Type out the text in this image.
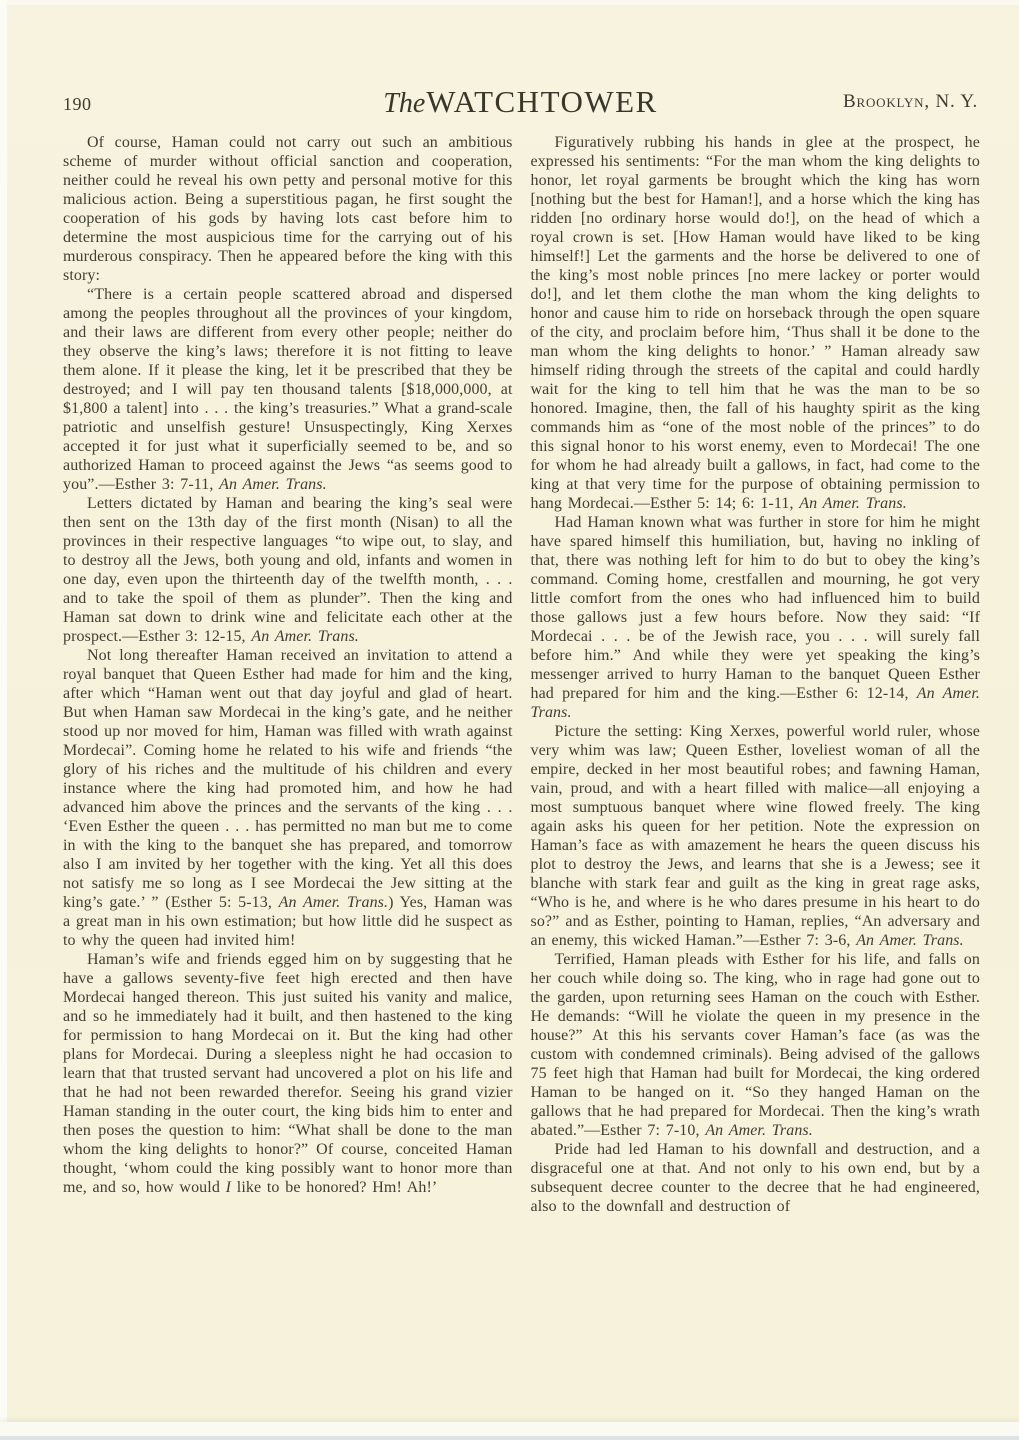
190	TheWATCHTOWER	Brooklyn, N. Y.

Of course, Haman could not carry out such an ambitious scheme of murder without official sanction and cooperation, neither could he reveal his own petty and personal motive for this malicious action. Being a superstitious pagan, he first sought the cooperation of his gods by having lots cast before him to determine the most auspicious time for the carrying out of his murderous conspiracy. Then he appeared before the king with this story:

“There is a certain people scattered abroad and dispersed among the peoples throughout all the provinces of your kingdom, and their laws are different from every other people; neither do they observe the king’s laws; therefore it is not fitting to leave them alone. If it please the king, let it be prescribed that they be destroyed; and I will pay ten thousand talents [$18,000,000, at $1,800 a talent] into . . . the king’s treasuries.” What a grand-scale patriotic and unselfish gesture! Unsuspectingly, King Xerxes accepted it for just what it superficially seemed to be, and so authorized Haman to proceed against the Jews “as seems good to you”.—Esther 3: 7-11, An Amer. Trans.

Letters dictated by Haman and bearing the king’s seal were then sent on the 13th day of the first month (Nisan) to all the provinces in their respective languages “to wipe out, to slay, and to destroy all the Jews, both young and old, infants and women in one day, even upon the thirteenth day of the twelfth month, . . . and to take the spoil of them as plunder”. Then the king and Haman sat down to drink wine and felicitate each other at the prospect.—Esther 3: 12-15, An Amer. Trans.

Not long thereafter Haman received an invitation to attend a royal banquet that Queen Esther had made for him and the king, after which “Haman went out that day joyful and glad of heart. But when Haman saw Mordecai in the king’s gate, and he neither stood up nor moved for him, Haman was filled with wrath against Mordecai”. Coming home he related to his wife and friends “the glory of his riches and the multitude of his children and every instance where the king had promoted him, and how he had advanced him above the princes and the servants of the king . . . ‘Even Esther the queen . . . has permitted no man but me to come in with the king to the banquet she has prepared, and tomorrow also I am invited by her together with the king. Yet all this does not satisfy me so long as I see Mordecai the Jew sitting at the king’s gate.’ ” (Esther 5: 5-13, An Amer. Trans.) Yes, Haman was a great man in his own estimation; but how little did he suspect as to why the queen had invited him!

Haman’s wife and friends egged him on by suggesting that he have a gallows seventy-five feet high erected and then have Mordecai hanged thereon. This just suited his vanity and malice, and so he immediately had it built, and then hastened to the king for permission to hang Mordecai on it. But the king had other plans for Mordecai. During a sleepless night he had occasion to learn that that trusted servant had uncovered a plot on his life and that he had not been rewarded therefor. Seeing his grand vizier Haman standing in the outer court, the king bids him to enter and then poses the question to him: “What shall be done to the man whom the king delights to honor?” Of course, conceited Haman thought, ‘whom could the king possibly want to honor more than me, and so, how would I like to be honored? Hm! Ah!’

Figuratively rubbing his hands in glee at the prospect, he expressed his sentiments: “For the man whom the king delights to honor, let royal garments be brought which the king has worn [nothing but the best for Haman!], and a horse which the king has ridden [no ordinary horse would do!], on the head of which a royal crown is set. [How Haman would have liked to be king himself!] Let the garments and the horse be delivered to one of the king’s most noble princes [no mere lackey or porter would do!], and let them clothe the man whom the king delights to honor and cause him to ride on horseback through the open square of the city, and proclaim before him, ‘Thus shall it be done to the man whom the king delights to honor.’ ” Haman already saw himself riding through the streets of the capital and could hardly wait for the king to tell him that he was the man to be so honored. Imagine, then, the fall of his haughty spirit as the king commands him as “one of the most noble of the princes” to do this signal honor to his worst enemy, even to Mordecai! The one for whom he had already built a gallows, in fact, had come to the king at that very time for the purpose of obtaining permission to hang Mordecai.—Esther 5: 14; 6: 1-11, An Amer. Trans.

Had Haman known what was further in store for him he might have spared himself this humiliation, but, having no inkling of that, there was nothing left for him to do but to obey the king’s command. Coming home, crestfallen and mourning, he got very little comfort from the ones who had influenced him to build those gallows just a few hours before. Now they said: “If Mordecai . . . be of the Jewish race, you . . . will surely fall before him.” And while they were yet speaking the king’s messenger arrived to hurry Haman to the banquet Queen Esther had prepared for him and the king.—Esther 6: 12-14, An Amer. Trans.

Picture the setting: King Xerxes, powerful world ruler, whose very whim was law; Queen Esther, loveliest woman of all the empire, decked in her most beautiful robes; and fawning Haman, vain, proud, and with a heart filled with malice—all enjoying a most sumptuous banquet where wine flowed freely. The king again asks his queen for her petition. Note the expression on Haman’s face as with amazement he hears the queen discuss his plot to destroy the Jews, and learns that she is a Jewess; see it blanche with stark fear and guilt as the king in great rage asks, “Who is he, and where is he who dares presume in his heart to do so?” and as Esther, pointing to Haman, replies, “An adversary and an enemy, this wicked Haman.”—Esther 7: 3-6, An Amer. Trans.

Terrified, Haman pleads with Esther for his life, and falls on her couch while doing so. The king, who in rage had gone out to the garden, upon returning sees Haman on the couch with Esther. He demands: “Will he violate the queen in my presence in the house?” At this his servants cover Haman’s face (as was the custom with condemned criminals). Being advised of the gallows 75 feet high that Haman had built for Mordecai, the king ordered Haman to be hanged on it. “So they hanged Haman on the gallows that he had prepared for Mordecai. Then the king’s wrath abated.”—Esther 7: 7-10, An Amer. Trans.

Pride had led Haman to his downfall and destruction, and a disgraceful one at that. And not only to his own end, but by a subsequent decree counter to the decree that he had engineered, also to the downfall and destruction of
